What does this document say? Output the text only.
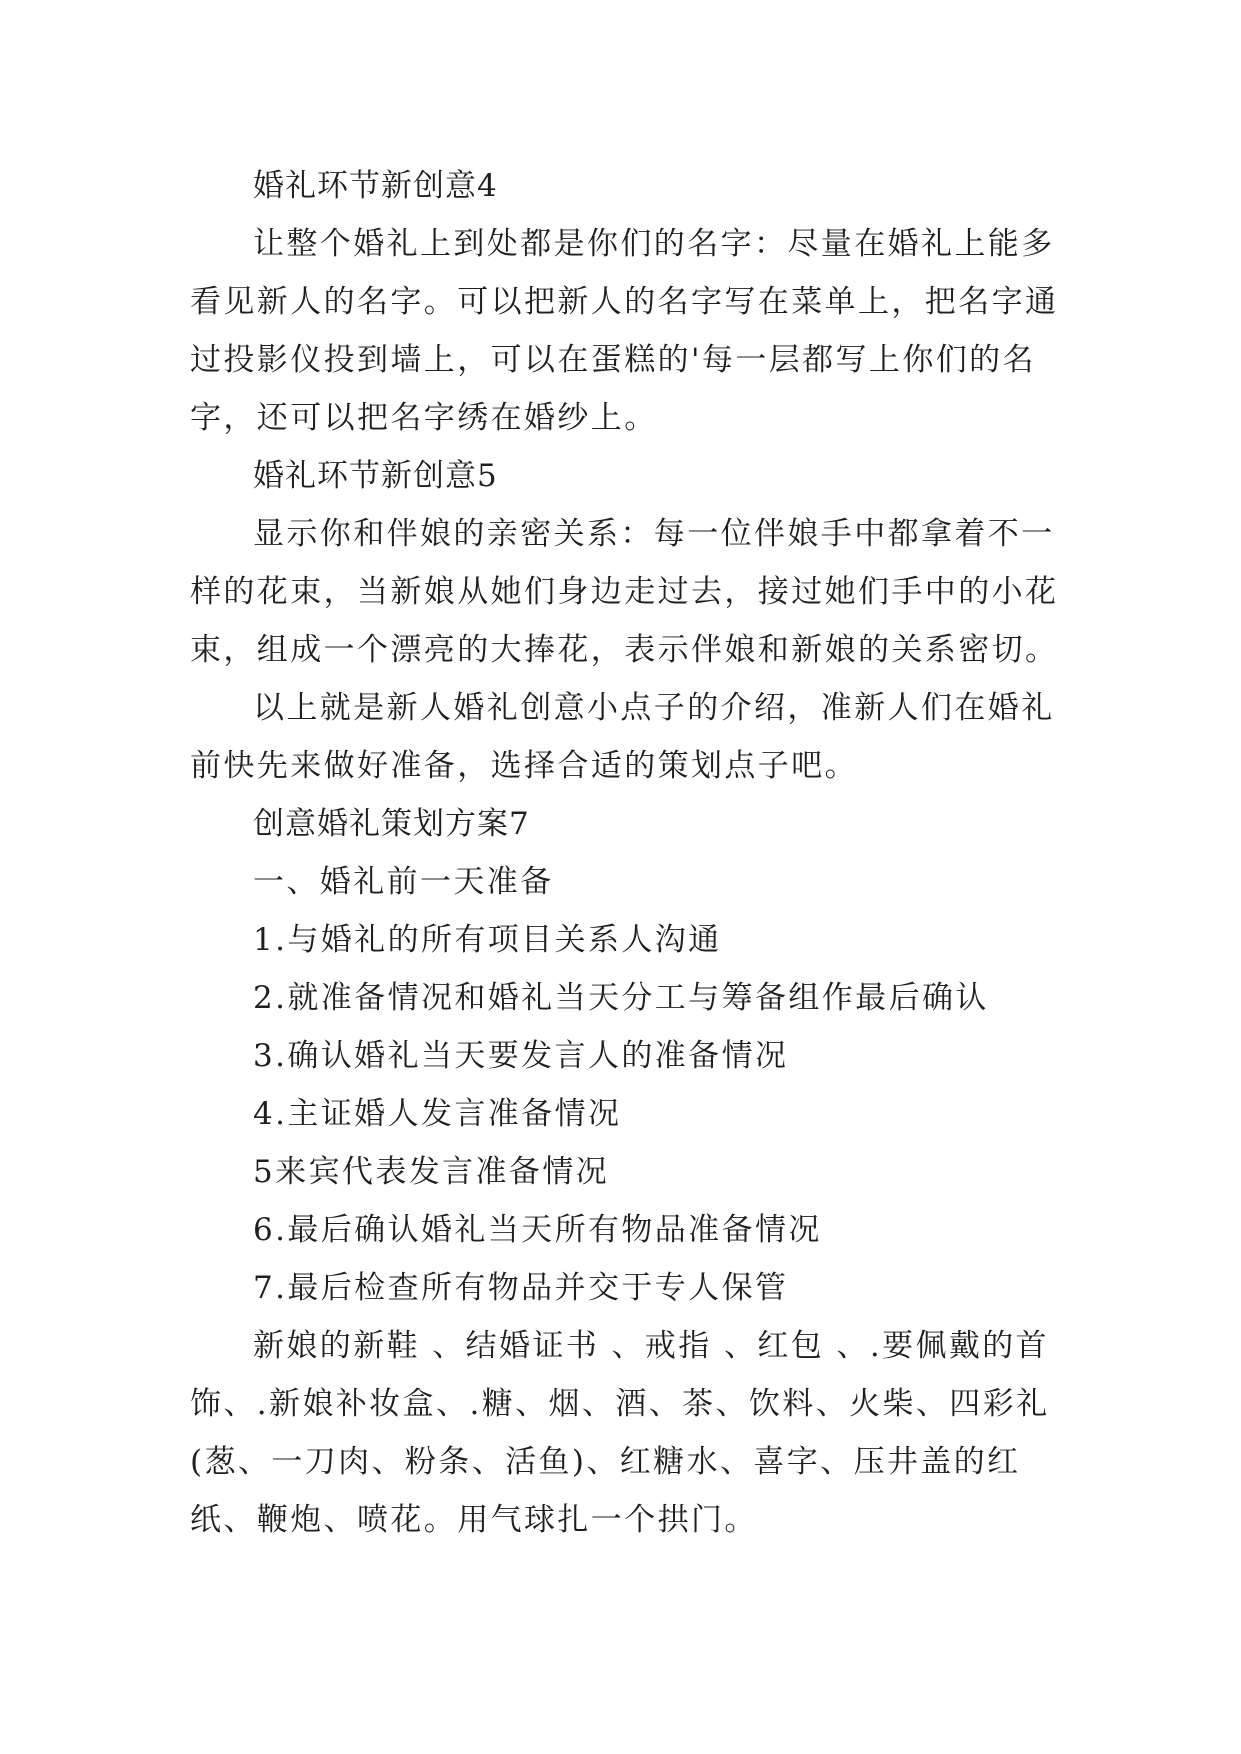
婚礼环节新创意4

让整个婚礼上到处都是你们的名字：尽量在婚礼上能多看见新人的名字。可以把新人的名字写在菜单上，把名字通过投影仪投到墙上，可以在蛋糕的'每一层都写上你们的名字，还可以把名字绣在婚纱上。

婚礼环节新创意5

显示你和伴娘的亲密关系：每一位伴娘手中都拿着不一样的花束，当新娘从她们身边走过去，接过她们手中的小花束，组成一个漂亮的大捧花，表示伴娘和新娘的关系密切。

以上就是新人婚礼创意小点子的介绍，准新人们在婚礼前快先来做好准备，选择合适的策划点子吧。

创意婚礼策划方案7

一、婚礼前一天准备

1.与婚礼的所有项目关系人沟通

2.就准备情况和婚礼当天分工与筹备组作最后确认

3.确认婚礼当天要发言人的准备情况

4.主证婚人发言准备情况

5来宾代表发言准备情况

6.最后确认婚礼当天所有物品准备情况

7.最后检查所有物品并交于专人保管

新娘的新鞋 、结婚证书 、戒指 、红包 、.要佩戴的首饰、.新娘补妆盒、.糖、烟、酒、茶、饮料、火柴、四彩礼(葱、一刀肉、粉条、活鱼)、红糖水、喜字、压井盖的红纸、鞭炮、喷花。用气球扎一个拱门。
